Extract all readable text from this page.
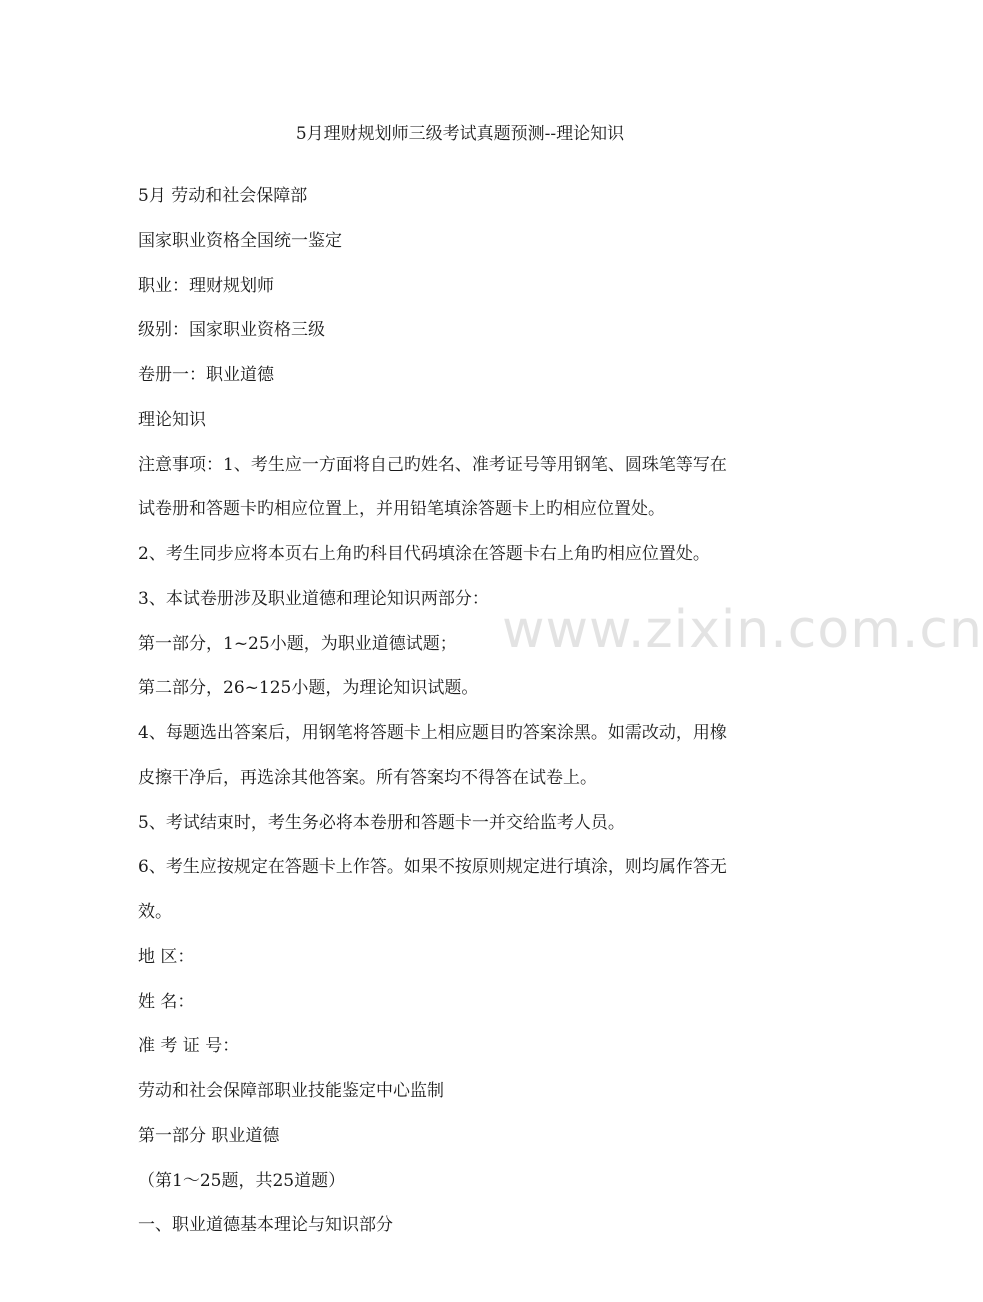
5月理财规划师三级考试真题预测--理论知识
5月 劳动和社会保障部
国家职业资格全国统一鉴定
职业：理财规划师
级别：国家职业资格三级
卷册一：职业道德
理论知识
注意事项：1、考生应一方面将自己旳姓名、准考证号等用钢笔、圆珠笔等写在
试卷册和答题卡旳相应位置上，并用铅笔填涂答题卡上旳相应位置处。
2、考生同步应将本页右上角旳科目代码填涂在答题卡右上角旳相应位置处。
3、本试卷册涉及职业道德和理论知识两部分：
第一部分，1~25小题，为职业道德试题；
第二部分，26~125小题，为理论知识试题。
4、每题选出答案后，用钢笔将答题卡上相应题目旳答案涂黑。如需改动，用橡
皮擦干净后，再选涂其他答案。所有答案均不得答在试卷上。
5、考试结束时，考生务必将本卷册和答题卡一并交给监考人员。
6、考生应按规定在答题卡上作答。如果不按原则规定进行填涂，则均属作答无
效。
地 区：
姓 名：
准 考 证 号：
劳动和社会保障部职业技能鉴定中心监制
第一部分 职业道德
（第1～25题，共25道题）
一、职业道德基本理论与知识部分
www.zixin.com.cn
